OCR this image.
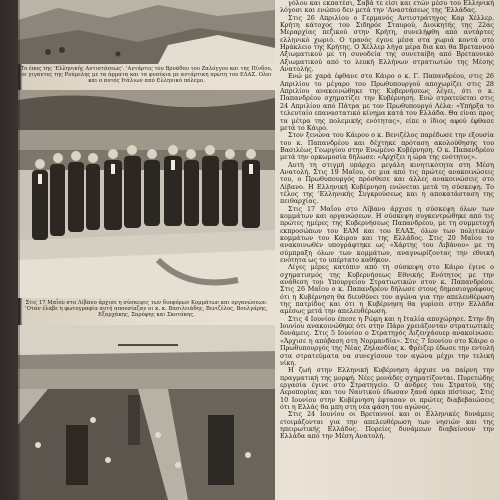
Το έπος της 'Ελληνικής Αντιστάσεως'. 'Αντάρτες του Βρυάθου του Ζαλόγγου και της Πίνδου, οι γιγαντες της Ρούμελης με τα άρματα και τα φυσέκια με αντάρτικη πρώτη του ΕΛΑΣ. Ολοι και ο αυτός Ιτάλιων από Ελληνικό πόλεμο.
Στις 17 Μαΐου στο Λίβανο άρχισε η σύσκεψις των διαφόρων Κομμάτων και οργανώσεων. 'Οταν έλαβε η φωτογραφία αυτή απουσίαζαν οι κ. κ. Βασιλειάδης, Βενιζέλος, Βουλγάρης, Εξαρχάκης, Σαρόφης και Σκοτάκης.

γόλου και εκπατέσι, Σαβά τε είσι και ετών μέσυ του Ελληνική λόγοσι και ενώπιο δεν μετά την 'Αναστάσεως της 'Ελλάδας.

Στις 26 Απριλίου ο Γερμανός Αντιστράτηγος Καρ Χέλλερ. Κρήτη κάτοχος του Σιδηρόε Σταυρού, Διοικητής της 22ας Μεραρχίας πεζικού στην Κρήτη, συνελήφθη από αντάρτες ελληνικό χωριό. Ο τρανός έγινε μέσα στα χωριά κοντά στο Ηράκλειο της Κρήτης. Ο Χέλλερ λήγα μέρα δια και θα Βρεταννού Αξιωματικού με τη συνοδεία της συνεταίβη από Βρεταννικό Αξιωματικού από το λευκή Ελλήνων στρατιωτών της Μέσης Ανατολής.

Ενώ με χαρά έφθανε στο Κάιρο ο κ. Γ. Παπανδρέου, στις 26 Απριλίου το μέγαρο του Πρωθυπουργού αποχωρίζει στις 28 Απριλίου ανακοινώθηκε της Κυβερνήσεως λέγει, ότι ο κ. Παπανδρέου σχηματίζει την Κυβέρνηση. Ενώ στρατεύεται στις 24 Απριλίου από Πάτρα με τον Πρωθυπουργό Λέλα: «Υπήρξα το τελευταίο επαναστατικό κίνημα κατά του Ελλάδα. Θα είναι προς τα μέτρα της πολεμικής ενότητας», είπε ο ίδιος αφού έφθασε μετά το Κάιρο.

Στον ξενώνα του Κάιρου ο κ. Βενιζέλος παρέδωσε την εξουσία του κ. Παπανδρέου και δέχτηκε πρόταση ακολούθησης του Βασιλέως Γεωργίου στην Ενωμένο Κυβέρνηση. Ο κ. Παπανδρέου μετά την ορκωμοσία δήλωσε: «Αρχίζει η ώρα της ενότητος».

Αυτή τη στιγμή υπάρχει μεγάλη κινητικότητα στη Μέση Ανατολή. Στις 19 Μαΐου, σε μια από τις πρώτες ανακοινώσεις του, ο Πρωθυπουργός πρόσθεσε και άλλες ανακοινώσεις στο Λίβανο. Η Ελληνική Κυβέρνηση ενώνεται μετά τη σύσκεψη. Το τέλος της 'Ελληνικής Συγκρούσεως και η αποκατάσταση της πειθαρχίας.

Στις 17 Μαΐου στο Λίβανο άρχισε η σύσκεψη όλων των κομμάτων και οργανώσεων. Η σύσκεψη συγκεντρώθηκε από τις πρώτες ημέρες της Κυβερνήσεως Παπανδρέου, με τη συμμετοχή εκπροσώπων του ΕΑΜ και του ΕΛΑΣ, όλων των πολιτικών κομμάτων του Κάιρου και της Ελλάδος. Στις 20 Μαΐου το ανακοινωθέν υπογράφτηκε ως «Χάρτης του Λιβάνου» με τη σύμπραξη όλων των κομμάτων, αναγνωρίζοντας την εθνική ενότητα ως το υπέρτατο καθήκον.

Λίγες μέρες κατόπιν από τη σύσκεψη στο Κάιρο έγινε ο σχηματισμός της Κυβερνήσεως Εθνικής Ενότητος με την ανάθεση του Υπουργείου Στρατιωτικών στον κ. Παπανδρέου. Στις 26 Μαΐου ο κ. Παπανδρέου δήλωσε στους δημοσιογράφους ότι η Κυβέρνηση θα διευθύνει τον αγώνα για την απελευθέρωση της πατρίδος και ότι η Κυβέρνηση θα γυρίσει στην Ελλάδα αμέσως μετά την απελευθέρωση.

Στις 4 Ιουνίου έπεσε η Ρώμη και η Ιταλία αποχώρησε. Στην 8η Ιουνίου ανακοινώθηκε ότι στην Πάρο χρειάζονταν στρατιωτικές δυνάμεις. Στις 5 Ιουνίου ο Στρατηγός Αιζενχάουερ ανακοίνωσε: «Άρχισε η απόβαση στη Νορμανδία». Στις 7 Ιουνίου στο Κάιρο ο Πρωθυπουργός της Νέας Ζηλανδίας κ. Φρέιζερ έδωσε την εντολή στα στρατεύματα να συνεχίσουν τον αγώνα μέχρι την τελική νίκη.

Η ζωή στην Ελληνική Κυβέρνηση άρχισε να παίρνη την πραγματική της μορφή. Νέες μονάδες σχηματίζονται. Πυρετώδης εργασία έγινε στο Στρατηγείο. Ο άνδρες του Στρατού, της Αεροπορίας και του Ναυτικού έδωσαν ξανά όρκο πίστεως. Στις 10 Ιουνίου στην Κυβέρνηση έφτασαν οι πρώτες διαβεβαιώσεις ότι η Ελλάς θα μπη στη νέα φάση του αγώνος.

Στις 24 Ιουνίου οι Βρεταννοί και οι Ελληνικές δυνάμεις ετοιμάζονται για την απελευθέρωση των νησιών και της ηπειρωτικής Ελλάδος. Πορείες δυνάμεων διαβαίνουν την Ελλάδα από την Μέση Ανατολή.
